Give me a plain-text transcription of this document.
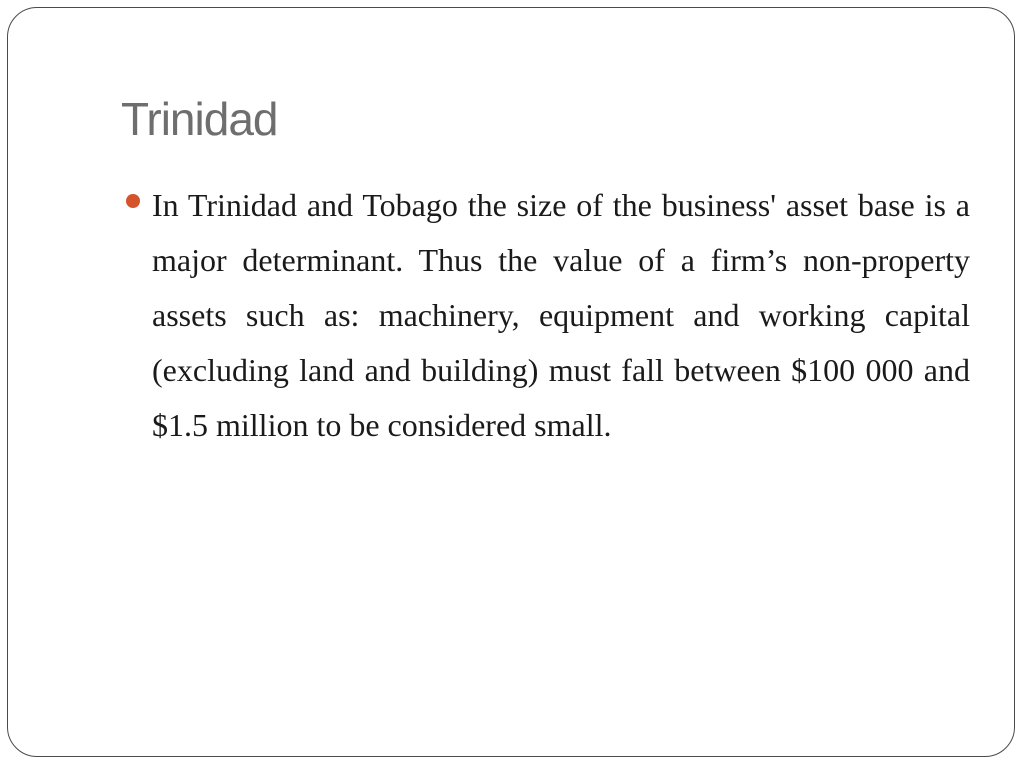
Trinidad
In Trinidad and Tobago the size of the business' asset base is a major determinant. Thus the value of a firm’s non-property assets such as: machinery, equipment and working capital (excluding land and building) must fall between $100 000 and $1.5 million to be considered small.
